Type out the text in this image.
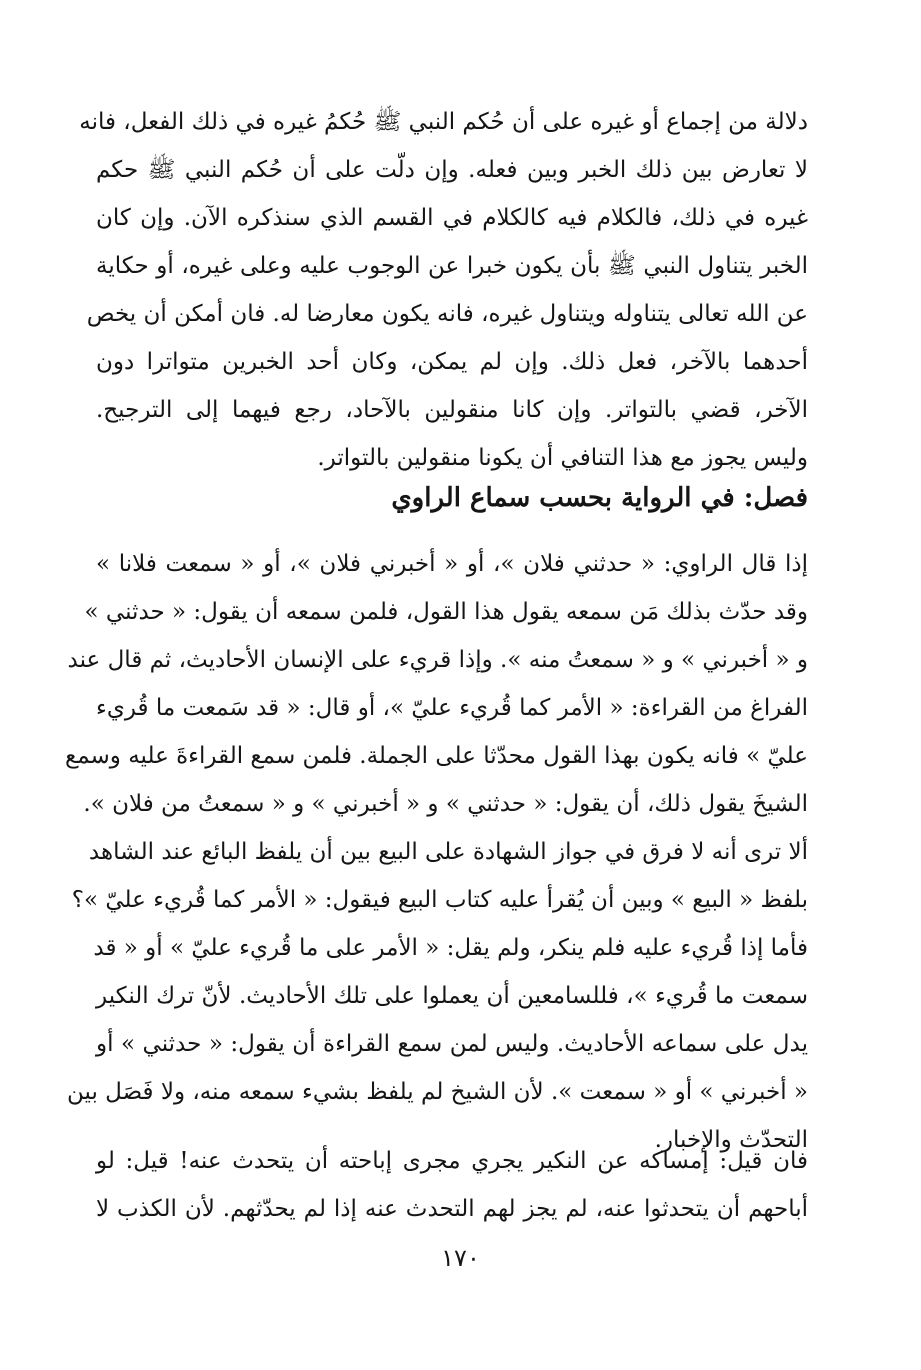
دلالة من إجماع أو غيره على أن حُكم النبي ﷺ حُكمُ غيره في ذلك الفعل، فانه
لا تعارض بين ذلك الخبر وبين فعله. وإن دلّت على أن حُكم النبي ﷺ حكم
غيره في ذلك، فالكلام فيه كالكلام في القسم الذي سنذكره الآن. وإن كان
الخبر يتناول النبي ﷺ بأن يكون خبرا عن الوجوب عليه وعلى غيره، أو حكاية
عن الله تعالى يتناوله ويتناول غيره، فانه يكون معارضا له. فان أمكن أن يخص
أحدهما بالآخر، فعل ذلك. وإن لم يمكن، وكان أحد الخبرين متواترا دون
الآخر، قضي بالتواتر. وإن كانا منقولين بالآحاد، رجع فيهما إلى الترجيح.
وليس يجوز مع هذا التنافي أن يكونا منقولين بالتواتر.
فصل: في الرواية بحسب سماع الراوي
إذا قال الراوي: « حدثني فلان »، أو « أخبرني فلان »، أو « سمعت فلانا »
وقد حدّث بذلك مَن سمعه يقول هذا القول، فلمن سمعه أن يقول: « حدثني »
و « أخبرني » و « سمعتُ منه ». وإذا قريء على الإنسان الأحاديث، ثم قال عند
الفراغ من القراءة: « الأمر كما قُريء عليّ »، أو قال: « قد سَمعت ما قُريء
عليّ » فانه يكون بهذا القول محدّثا على الجملة. فلمن سمع القراءةَ عليه وسمع
الشيخَ يقول ذلك، أن يقول: « حدثني » و « أخبرني » و « سمعتُ من فلان ».
ألا ترى أنه لا فرق في جواز الشهادة على البيع بين أن يلفظ البائع عند الشاهد
بلفظ « البيع » وبين أن يُقرأ عليه كتاب البيع فيقول: « الأمر كما قُريء عليّ »؟
فأما إذا قُريء عليه فلم ينكر، ولم يقل: « الأمر على ما قُريء عليّ » أو « قد
سمعت ما قُريء »، فللسامعين أن يعملوا على تلك الأحاديث. لأنّ ترك النكير
يدل على سماعه الأحاديث. وليس لمن سمع القراءة أن يقول: « حدثني » أو
« أخبرني » أو « سمعت ». لأن الشيخ لم يلفظ بشيء سمعه منه، ولا فَصَل بين
التحدّث والإخبار.
فان قيل: إمساكه عن النكير يجري مجرى إباحته أن يتحدث عنه! قيل: لو
أباحهم أن يتحدثوا عنه، لم يجز لهم التحدث عنه إذا لم يحدّثهم. لأن الكذب لا
١٧٠
